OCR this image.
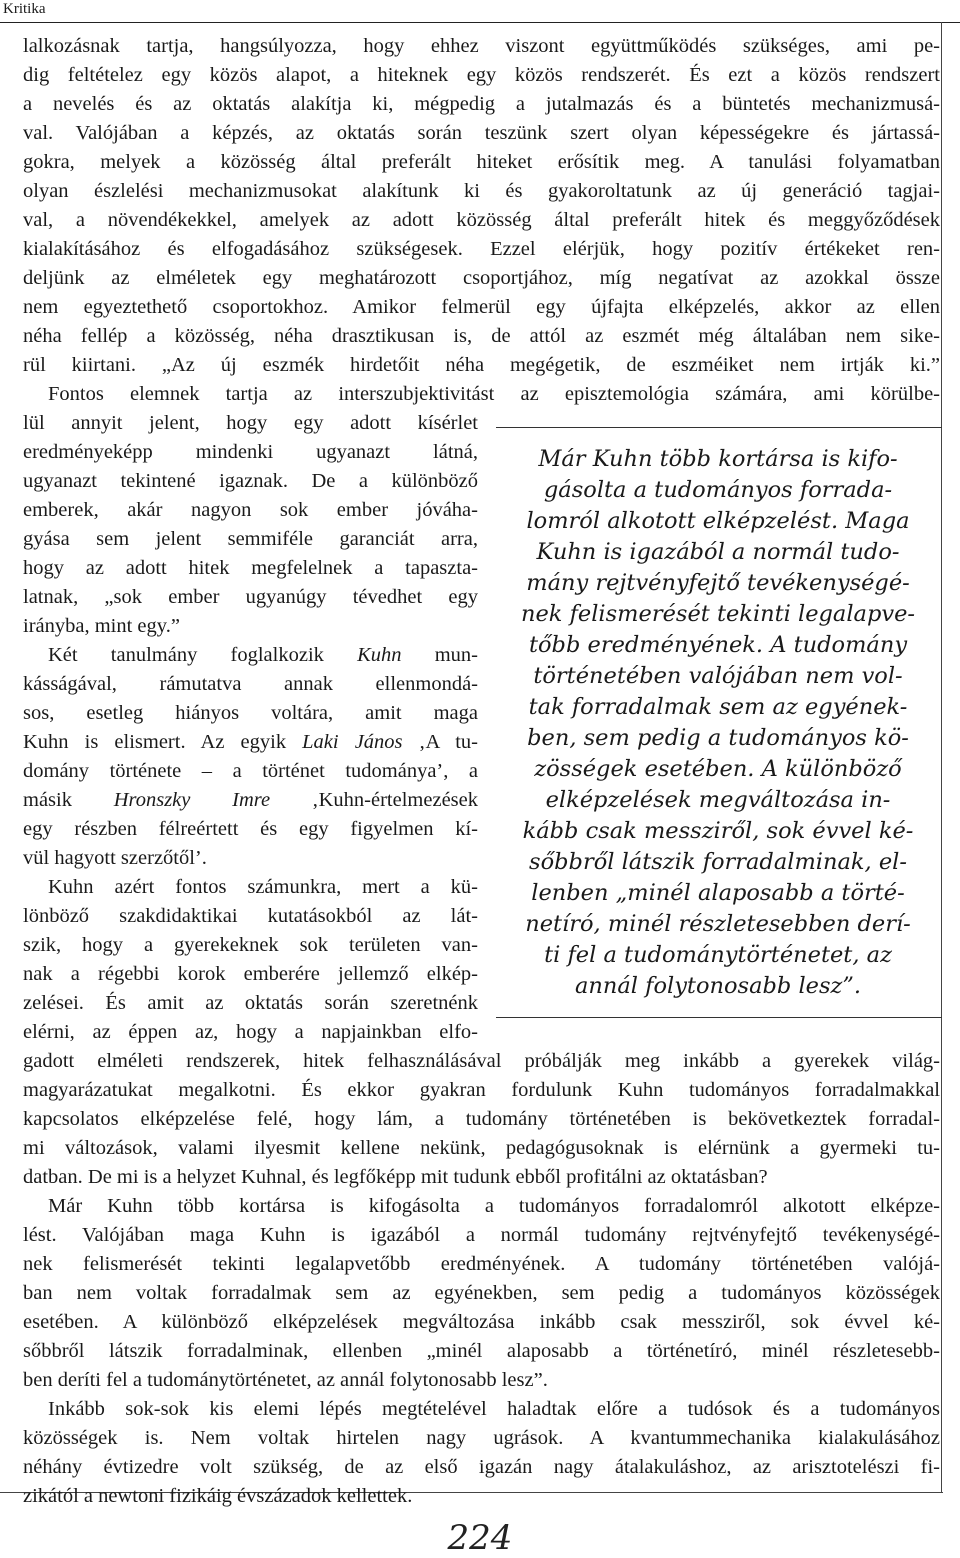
Kritika
lalkozásnak tartja, hangsúlyozza, hogy ehhez viszont együttműködés szükséges, ami pe-
dig feltételez egy közös alapot, a hiteknek egy közös rendszerét. És ezt a közös rendszert
a nevelés és az oktatás alakítja ki, mégpedig a jutalmazás és a büntetés mechanizmusá-
val. Valójában a képzés, az oktatás során teszünk szert olyan képességekre és jártassá-
gokra, melyek a közösség által preferált hiteket erősítik meg. A tanulási folyamatban
olyan észlelési mechanizmusokat alakítunk ki és gyakoroltatunk az új generáció tagjai-
val, a növendékekkel, amelyek az adott közösség által preferált hitek és meggyőződések
kialakításához és elfogadásához szükségesek. Ezzel elérjük, hogy pozitív értékeket ren-
deljünk az elméletek egy meghatározott csoportjához, míg negatívat az azokkal össze
nem egyeztethető csoportokhoz. Amikor felmerül egy újfajta elképzelés, akkor az ellen
néha fellép a közösség, néha drasztikusan is, de attól az eszmét még általában nem sike-
rül kiirtani. „Az új eszmék hirdetőit néha megégetik, de eszméiket nem irtják ki.”
Fontos elemnek tartja az interszubjektivitást az episztemológia számára, ami körülbe-
lül annyit jelent, hogy egy adott kísérlet
eredményeképp mindenki ugyanazt látná,
ugyanazt tekintené igaznak. De a különböző
emberek, akár nagyon sok ember jóváha-
gyása sem jelent semmiféle garanciát arra,
hogy az adott hitek megfelelnek a tapaszta-
latnak, „sok ember ugyanúgy tévedhet egy
irányba, mint egy.”
Két tanulmány foglalkozik Kuhn mun-
kásságával, rámutatva annak ellenmondá-
sos, esetleg hiányos voltára, amit maga
Kuhn is elismert. Az egyik Laki János ‚A tu-
domány története – a történet tudománya’, a
másik Hronszky Imre ‚Kuhn-értelmezések
egy részben félreértett és egy figyelmen kí-
vül hagyott szerzőtől’.
Kuhn azért fontos számunkra, mert a kü-
lönböző szakdidaktikai kutatásokból az lát-
szik, hogy a gyerekeknek sok területen van-
nak a régebbi korok emberére jellemző elkép-
zelései. És amit az oktatás során szeretnénk
elérni, az éppen az, hogy a napjainkban elfo-
gadott elméleti rendszerek, hitek felhasználásával próbálják meg inkább a gyerekek világ-
magyarázatukat megalkotni. És ekkor gyakran fordulunk Kuhn tudományos forradalmakkal
kapcsolatos elképzelése felé, hogy lám, a tudomány történetében is bekövetkeztek forradal-
mi változások, valami ilyesmit kellene nekünk, pedagógusoknak is elérnünk a gyermeki tu-
datban. De mi is a helyzet Kuhnal, és legfőképp mit tudunk ebből profitálni az oktatásban?
Már Kuhn több kortársa is kifogásolta a tudományos forradalomról alkotott elképze-
lést. Valójában maga Kuhn is igazából a normál tudomány rejtvényfejtő tevékenységé-
nek felismerését tekinti legalapvetőbb eredményének. A tudomány történetében valójá-
ban nem voltak forradalmak sem az egyénekben, sem pedig a tudományos közösségek
esetében. A különböző elképzelések megváltozása inkább csak messziről, sok évvel ké-
sőbbről látszik forradalminak, ellenben „minél alaposabb a történetíró, minél részletesebb-
ben deríti fel a tudománytörténetet, az annál folytonosabb lesz”.
Inkább sok-sok kis elemi lépés megtételével haladtak előre a tudósok és a tudományos
közösségek is. Nem voltak hirtelen nagy ugrások. A kvantummechanika kialakulásához
néhány évtizedre volt szükség, de az első igazán nagy átalakuláshoz, az arisztotelészi fi-
zikától a newtoni fizikáig évszázadok kellettek.
Már Kuhn több kortársa is kifo-
gásolta a tudományos forrada-
lomról alkotott elképzelést. Maga
Kuhn is igazából a normál tudo-
mány rejtvényfejtő tevékenységé-
nek felismerését tekinti legalapve-
tőbb eredményének. A tudomány
történetében valójában nem vol-
tak forradalmak sem az egyének-
ben, sem pedig a tudományos kö-
zösségek esetében. A különböző
elképzelések megváltozása in-
kább csak messziről, sok évvel ké-
sőbbről látszik forradalminak, el-
lenben „minél alaposabb a törté-
netíró, minél részletesebben derí-
ti fel a tudománytörténetet, az
annál folytonosabb lesz”.
224
